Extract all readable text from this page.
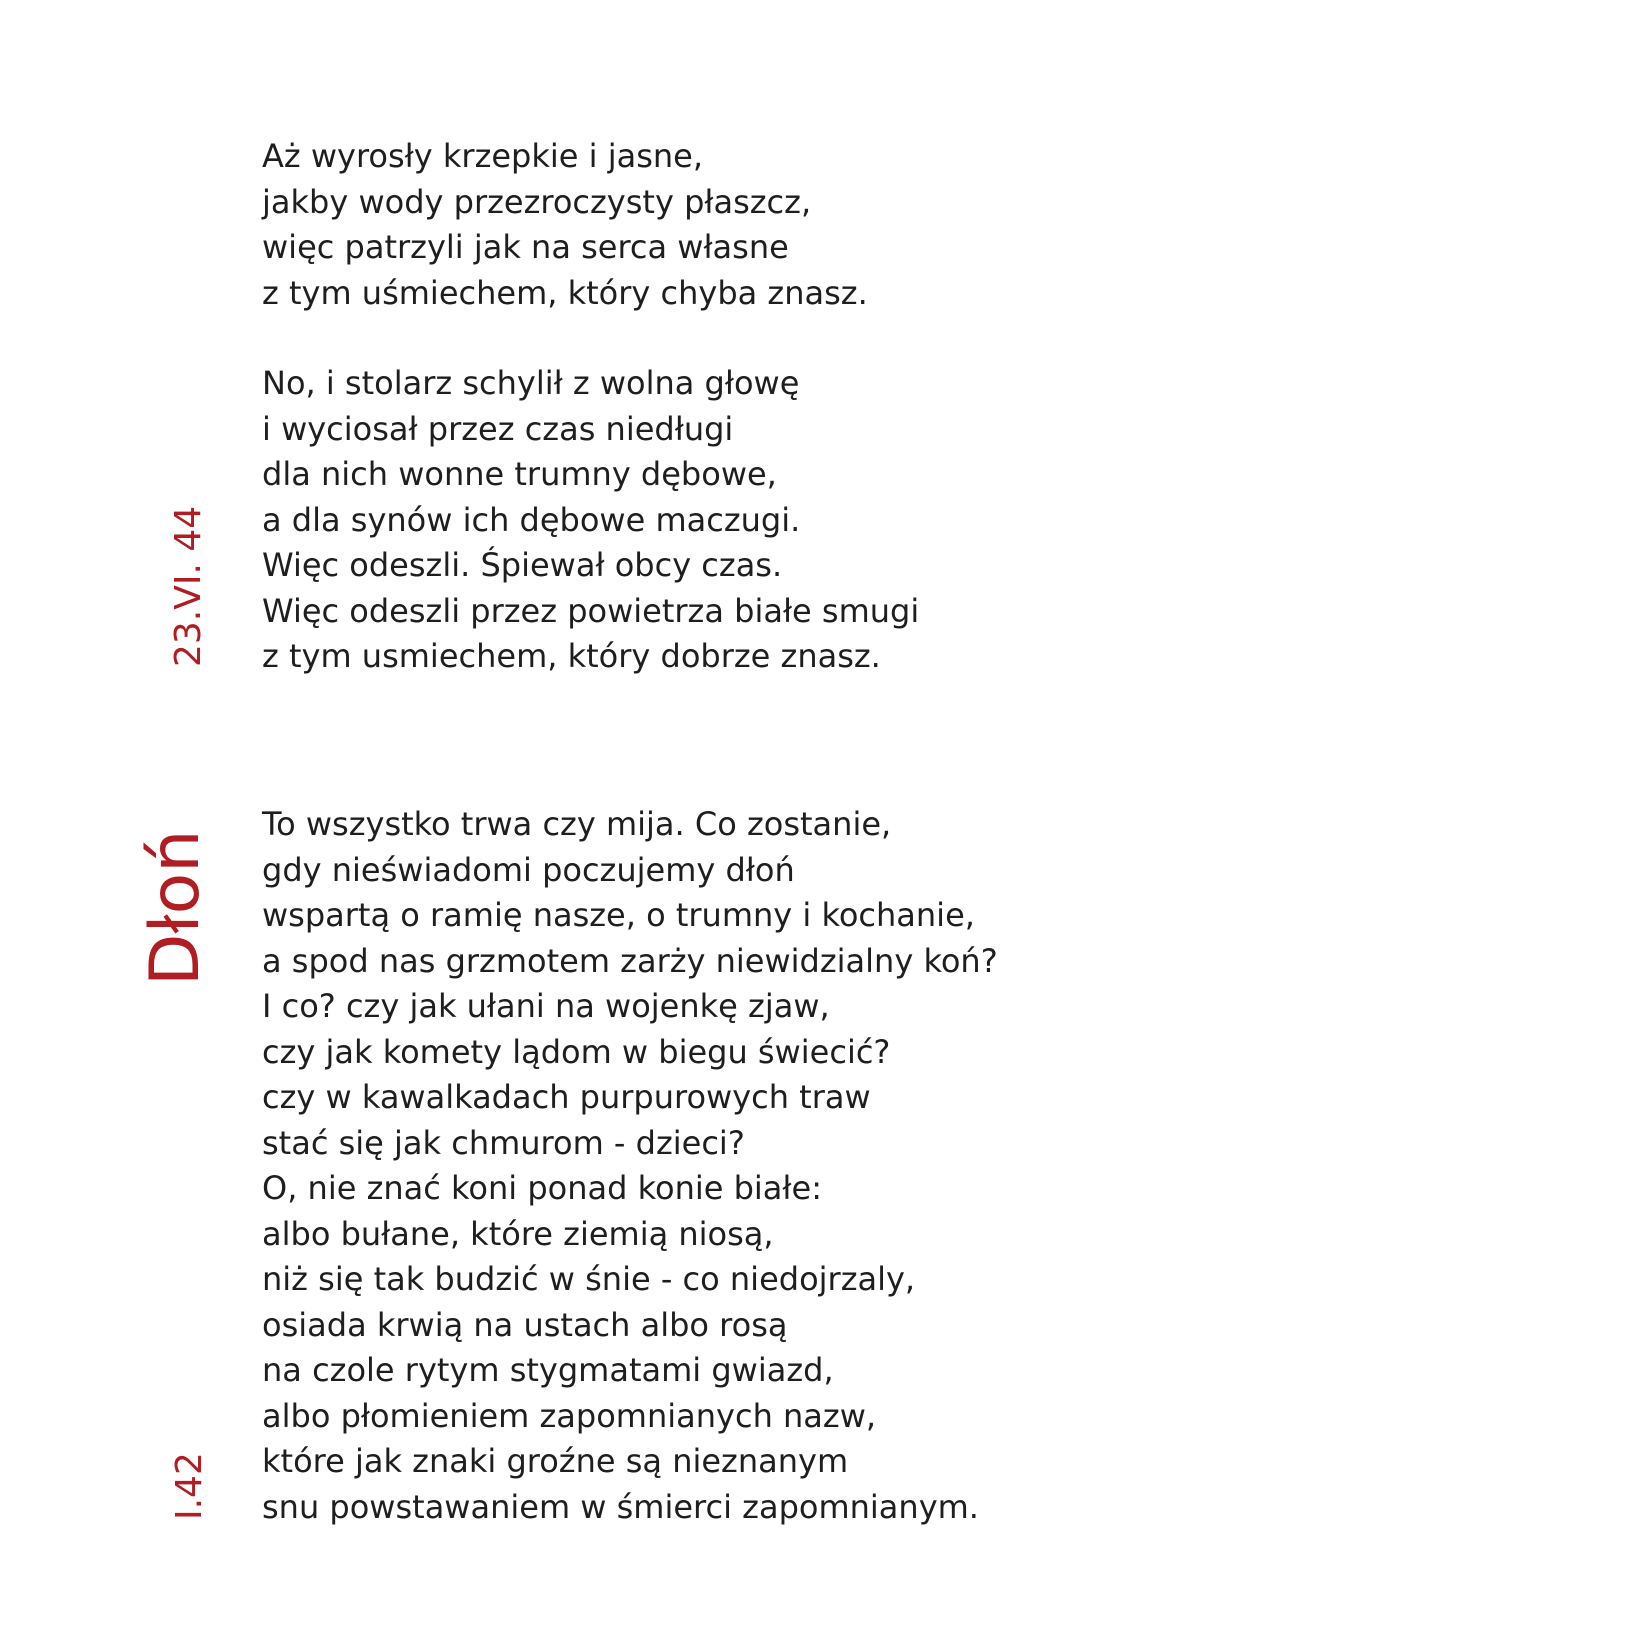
23.VI. 44
Dłoń
I.42
Aż wyrosły krzepkie i jasne,
jakby wody przezroczysty płaszcz,
więc patrzyli jak na serca własne
z tym uśmiechem, który chyba znasz.
No, i stolarz schylił z wolna głowę
i wyciosał przez czas niedługi
dla nich wonne trumny dębowe,
a dla synów ich dębowe maczugi.
Więc odeszli. Śpiewał obcy czas.
Więc odeszli przez powietrza białe smugi
z tym usmiechem, który dobrze znasz.
To wszystko trwa czy mija. Co zostanie,
gdy nieświadomi poczujemy dłoń
wspartą o ramię nasze, o trumny i kochanie,
a spod nas grzmotem zarży niewidzialny koń?
I co? czy jak ułani na wojenkę zjaw,
czy jak komety lądom w biegu świecić?
czy w kawalkadach purpurowych traw
stać się jak chmurom - dzieci?
O, nie znać koni ponad konie białe:
albo bułane, które ziemią niosą,
niż się tak budzić w śnie - co niedojrzaly,
osiada krwią na ustach albo rosą
na czole rytym stygmatami gwiazd,
albo płomieniem zapomnianych nazw,
które jak znaki groźne są nieznanym
snu powstawaniem w śmierci zapomnianym.
